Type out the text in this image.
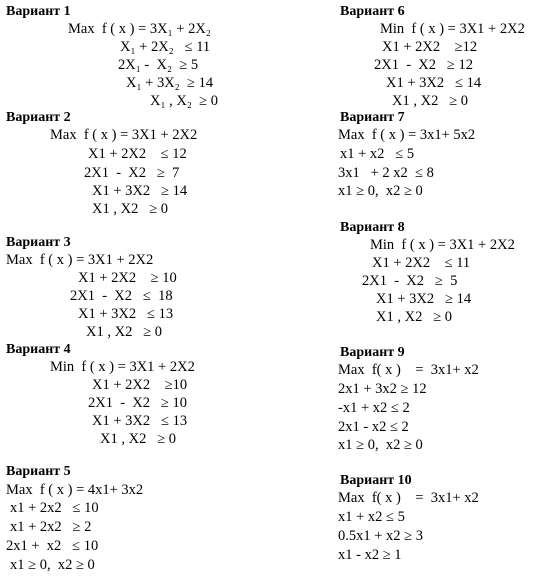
Вариант 1
Max  f ( x ) = 3X₁ + 2X₂
X₁ + 2X₂   ≤ 11
2X₁ -  X₂  ≥ 5
X₁ + 3X₂  ≥ 14
X₁ , X₂  ≥ 0
Вариант 2
Max  f ( x ) = 3X1 + 2X2
X1 + 2X2    ≤ 12
2X1  -  X2   ≥  7
X1 + 3X2   ≥ 14
X1 , X2   ≥ 0
Вариант 3
Max  f ( x ) = 3X1 + 2X2
X1 + 2X2    ≥ 10
2X1  -  X2   ≤  18
X1 + 3X2   ≤ 13
X1 , X2   ≥ 0
Вариант 4
Min  f ( x ) = 3X1 + 2X2
X1 + 2X2    ≥10
2X1  -  X2   ≥ 10
X1 + 3X2   ≤ 13
X1 , X2   ≥ 0
Вариант 5
Max  f ( x ) = 4x1+ 3x2
x1 + 2x2   ≤ 10
x1 + 2x2   ≥ 2
2x1 +  x2   ≤ 10
x1 ≥ 0,  x2 ≥ 0
Вариант 6
Min  f ( x ) = 3X1 + 2X2
X1 + 2X2    ≥12
2X1  -  X2   ≥ 12
X1 + 3X2   ≤ 14
X1 , X2   ≥ 0
Вариант 7
Max  f ( x ) = 3x1+ 5x2
x1 + x2   ≤ 5
3x1   + 2 x2  ≤ 8
x1 ≥ 0,  x2 ≥ 0
Вариант 8
Min  f ( x ) = 3X1 + 2X2
X1 + 2X2    ≤ 11
2X1  -  X2   ≥  5
X1 + 3X2   ≥ 14
X1 , X2   ≥ 0
Вариант 9
Max  f( x )    =  3x1+ x2
2x1 + 3x2 ≥ 12
-x1 + x2 ≤ 2
2x1 - x2 ≤ 2
x1 ≥ 0,  x2 ≥ 0
Вариант 10
Max  f( x )    =  3x1+ x2
x1 + x2 ≤ 5
0.5x1 + x2 ≥ 3
x1 - x2 ≥ 1
